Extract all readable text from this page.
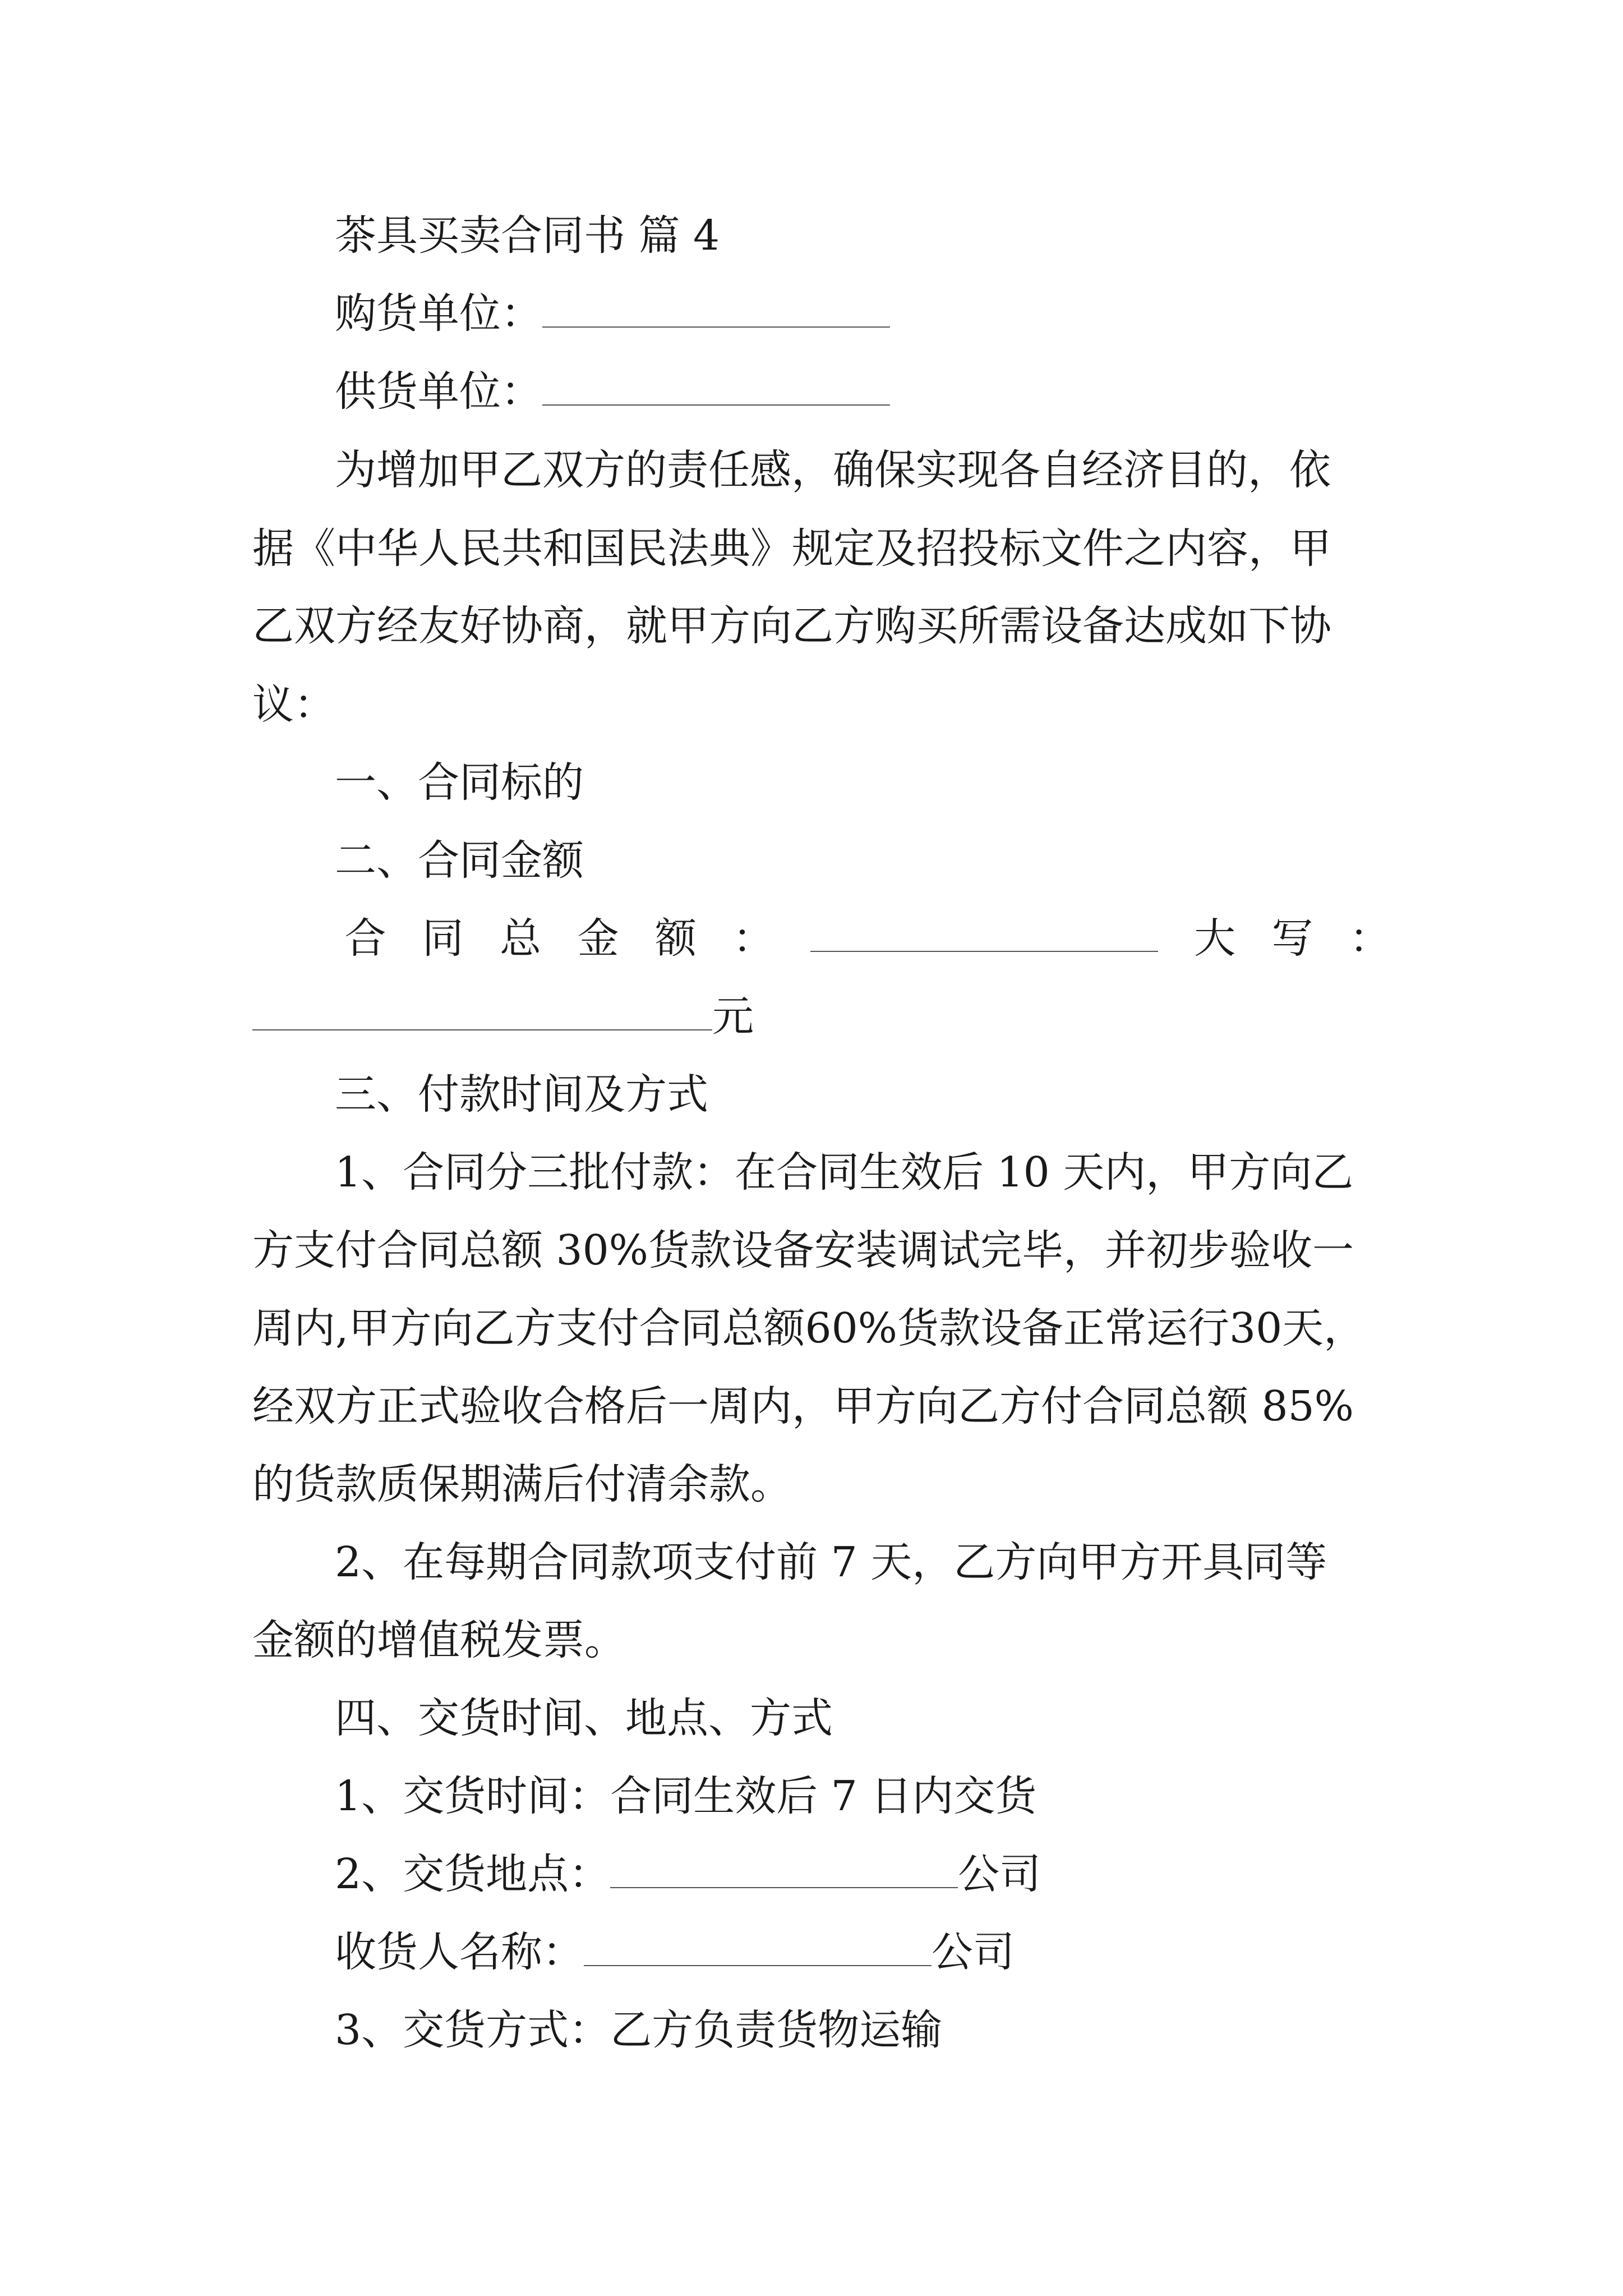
茶具买卖合同书 篇 4
购货单位：
供货单位：
为增加甲乙双方的责任感，确保实现各自经济目的，依
据《中华人民共和国民法典》规定及招投标文件之内容，甲
乙双方经友好协商，就甲方向乙方购买所需设备达成如下协
议：
一、合同标的
二、合同金额
合 同 总 金 额 ：	大 写 ：
元
三、付款时间及方式
1、合同分三批付款：在合同生效后 10 天内，甲方向乙
方支付合同总额 30%货款设备安装调试完毕，并初步验收一
周内,甲方向乙方支付合同总额60%货款设备正常运行30天，
经双方正式验收合格后一周内，甲方向乙方付合同总额 85%
的货款质保期满后付清余款。
2、在每期合同款项支付前 7 天，乙方向甲方开具同等
金额的增值税发票。
四、交货时间、地点、方式
1、交货时间：合同生效后 7 日内交货
2、交货地点：	公司
收货人名称：	公司
3、交货方式：乙方负责货物运输
